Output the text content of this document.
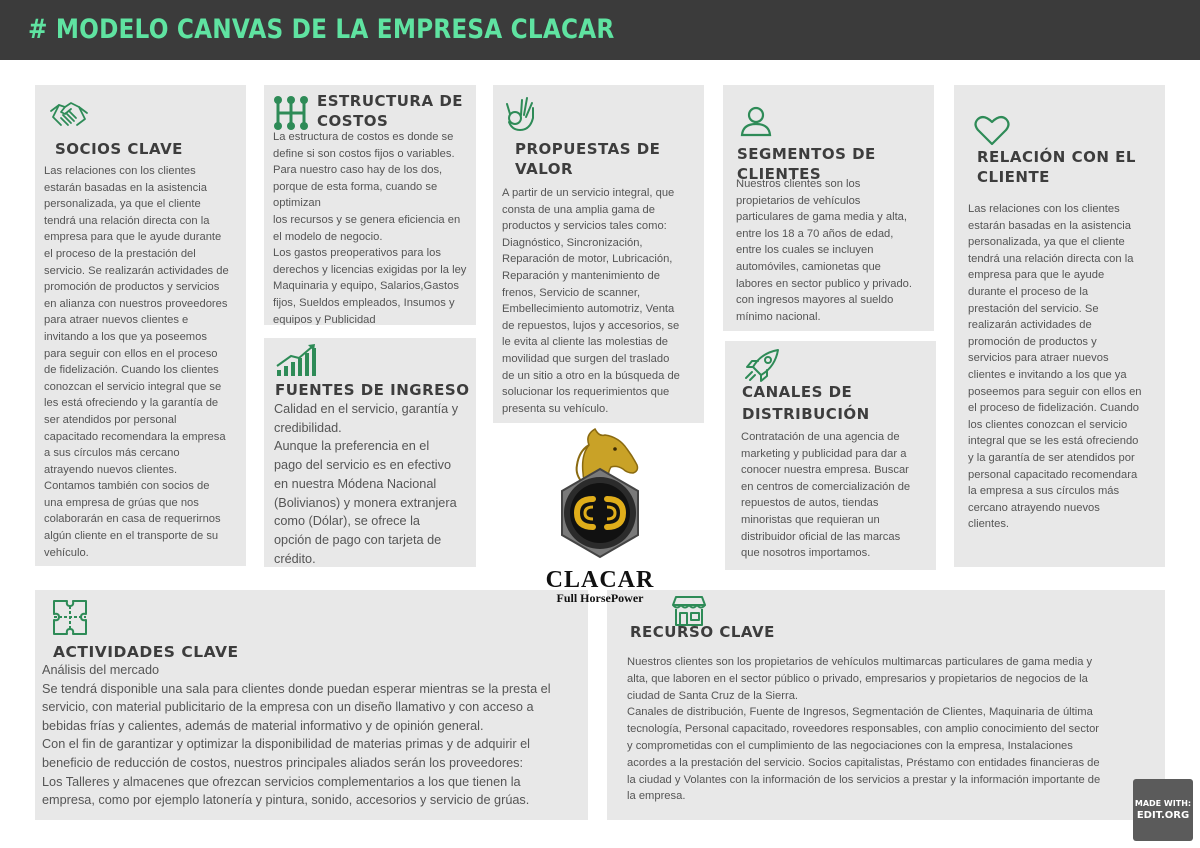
# MODELO CANVAS DE LA EMPRESA CLACAR
SOCIOS CLAVE

Las relaciones con los clientes
estarán basadas en la asistencia
personalizada, ya que el cliente
tendrá una relación directa con la
empresa para que le ayude durante
el proceso de la prestación del
servicio. Se realizarán actividades de
promoción de productos y servicios
en alianza con nuestros proveedores
para atraer nuevos clientes e
invitando a los que ya poseemos
para seguir con ellos en el proceso
de fidelización. Cuando los clientes
conozcan el servicio integral que se
les está ofreciendo y la garantía de
ser atendidos por personal
capacitado recomendara la empresa
a sus círculos más cercano
atrayendo nuevos clientes.
Contamos también con socios de
una empresa de grúas que nos
colaborarán en casa de requerirnos
algún cliente en el transporte de su
vehículo.

ESTRUCTURA DE
COSTOS

La estructura de costos es donde se
define si son costos fijos o variables.
Para nuestro caso hay de los dos,
porque de esta forma, cuando se
optimizan
los recursos y se genera eficiencia en
el modelo de negocio.
Los gastos preoperativos para los
derechos y licencias exigidas por la ley
Maquinaria y equipo, Salarios,Gastos
fijos, Sueldos empleados, Insumos y
equipos y Publicidad

FUENTES DE INGRESO

Calidad en el servicio, garantía y
credibilidad.
Aunque la preferencia en el
pago del servicio es en efectivo
en nuestra Módena Nacional
(Bolivianos) y monera extranjera
como (Dólar), se ofrece la
opción de pago con tarjeta de
crédito.

PROPUESTAS DE
VALOR

A partir de un servicio integral, que
consta de una amplia gama de
productos y servicios tales como:
Diagnóstico, Sincronización,
Reparación de motor, Lubricación,
Reparación y mantenimiento de
frenos, Servicio de scanner,
Embellecimiento automotriz, Venta
de repuestos, lujos y accesorios, se
le evita al cliente las molestias de
movilidad que surgen del traslado
de un sitio a otro en la búsqueda de
solucionar los requerimientos que
presenta su vehículo.

SEGMENTOS DE
CLIENTES

Nuestros clientes son los
propietarios de vehículos
particulares de gama media y alta,
entre los 18 a 70 años de edad,
entre los cuales se incluyen
automóviles, camionetas que
labores en sector publico y privado.
con ingresos mayores al sueldo
mínimo nacional.

CANALES DE
DISTRIBUCIÓN

Contratación de una agencia de
marketing y publicidad para dar a
conocer nuestra empresa. Buscar
en centros de comercialización de
repuestos de autos, tiendas
minoristas que requieran un
distribuidor oficial de las marcas
que nosotros importamos.

RELACIÓN CON EL
CLIENTE

Las relaciones con los clientes
estarán basadas en la asistencia
personalizada, ya que el cliente
tendrá una relación directa con la
empresa para que le ayude
durante el proceso de la
prestación del servicio. Se
realizarán actividades de
promoción de productos y
servicios para atraer nuevos
clientes e invitando a los que ya
poseemos para seguir con ellos en
el proceso de fidelización. Cuando
los clientes conozcan el servicio
integral que se les está ofreciendo
y la garantía de ser atendidos por
personal capacitado recomendara
la empresa a sus círculos más
cercano atrayendo nuevos
clientes.

ACTIVIDADES CLAVE

Análisis del mercado
Se tendrá disponible una sala para clientes donde puedan esperar mientras se la presta el
servicio, con material publicitario de la empresa con un diseño llamativo y con acceso a
bebidas frías y calientes, además de material informativo y de opinión general.
Con el fin de garantizar y optimizar la disponibilidad de materias primas y de adquirir el
beneficio de reducción de costos, nuestros principales aliados serán los proveedores:
Los Talleres y almacenes que ofrezcan servicios complementarios a los que tienen la
empresa, como por ejemplo latonería y pintura, sonido, accesorios y servicio de grúas.

RECURSO CLAVE

Nuestros clientes son los propietarios de vehículos multimarcas particulares de gama media y
alta, que laboren en el sector público o privado, empresarios y propietarios de negocios de la
ciudad de Santa Cruz de la Sierra.
Canales de distribución, Fuente de Ingresos, Segmentación de Clientes, Maquinaria de última
tecnología, Personal capacitado, roveedores responsables, con amplio conocimiento del sector
y comprometidas con el cumplimiento de las negociaciones con la empresa, Instalaciones
acordes a la prestación del servicio. Socios capitalistas, Préstamo con entidades financieras de
la ciudad y Volantes con la información de los servicios a prestar y la información importante de
la empresa.

CLACAR
Full HorsePower
MADE WITH:
EDIT.ORG
